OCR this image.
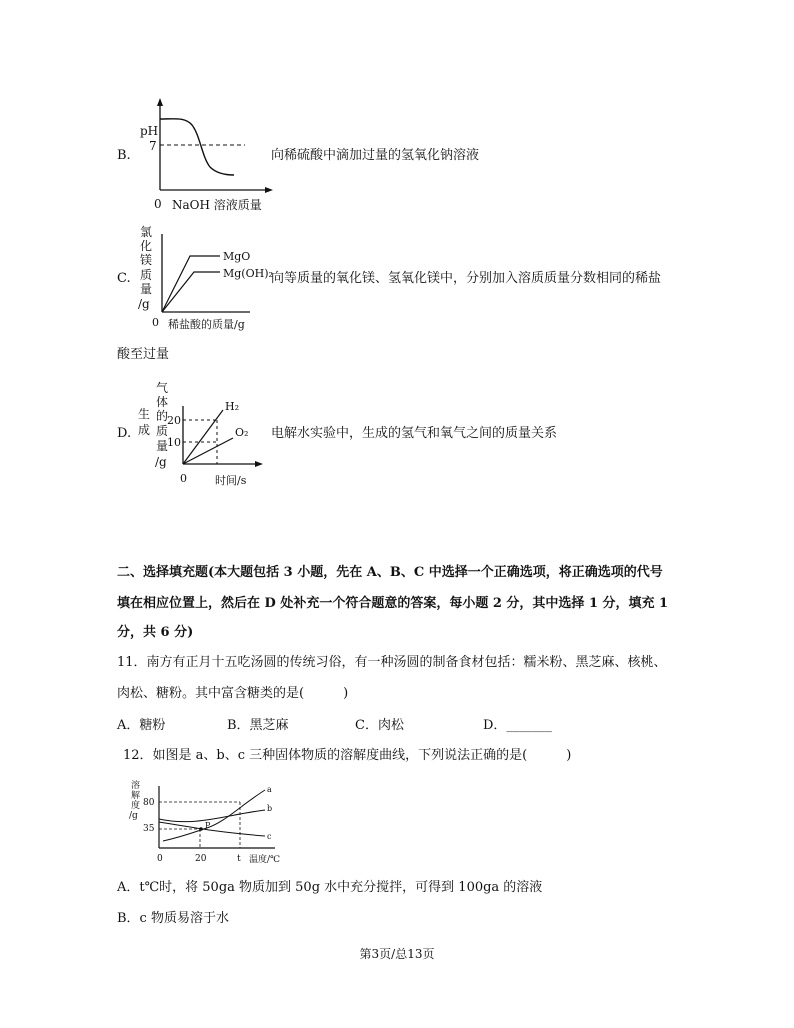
B.
pH
7
0 NaOH 溶液质量
向稀硫酸中滴加过量的氢氧化钠溶液
C.
氯
化
镁
质
量
/g
MgO
Mg(OH)₂
0 稀盐酸的质量/g
向等质量的氧化镁、氢氧化镁中，分别加入溶质质量分数相同的稀盐
酸至过量
D.
生
成
气
体
的
质
量
/g
20
10
H₂
O₂
0	时间/s
电解水实验中，生成的氢气和氧气之间的质量关系
二、选择填充题(本大题包括 3 小题，先在 A、B、C 中选择一个正确选项，将正确选项的代号
填在相应位置上，然后在 D 处补充一个符合题意的答案，每小题 2 分，其中选择 1 分，填充 1
分，共 6 分)
11．南方有正月十五吃汤圆的传统习俗，有一种汤圆的制备食材包括：糯米粉、黑芝麻、核桃、
肉松、糖粉。其中富含糖类的是(　　　)
A．糖粉	B．黑芝麻	C．肉松	D．_______
12．如图是 a、b、c 三种固体物质的溶解度曲线，下列说法正确的是(　　　)
溶
解
度
/g
80
35
0	20	t 温度/℃
a
b
c
P
A．t℃时，将 50ga 物质加到 50g 水中充分搅拌，可得到 100ga 的溶液
B．c 物质易溶于水
第3页/总13页
